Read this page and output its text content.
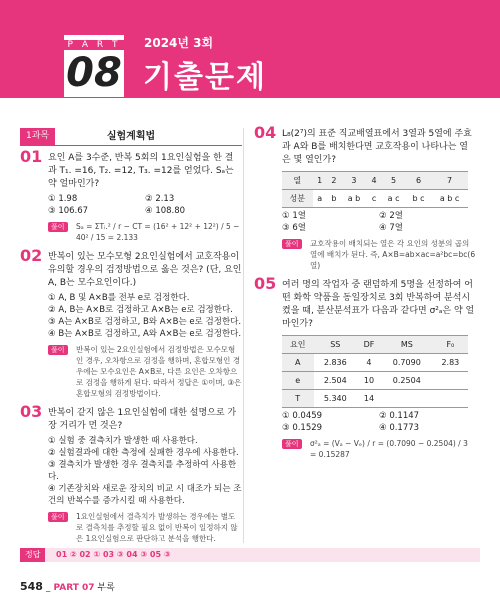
P A R T
08
2024년 3회
기출문제
1과목	실험계획법
01 요인 A를 3수준, 반복 5회의 1요인실험을 한 결과 T₁. =16, T₂. =12, T₃. =12를 얻었다. Sₐ는 약 얼마인가?
① 1.98	② 2.13
③ 106.67	④ 108.80
풀이	Sₐ = ΣTᵢ.² / r − CT = (16² + 12² + 12²) / 5 − 40² / 15 = 2.133
02 반복이 있는 모수모형 2요인실험에서 교호작용이 유의할 경우의 검정방법으로 옳은 것은? (단, 요인 A, B는 모수요인이다.)
① A, B 및 A×B를 전부 e로 검정한다.
② A, B는 A×B로 검정하고 A×B는 e로 검정한다.
③ A는 A×B로 검정하고, B와 A×B는 e로 검정한다.
④ B는 A×B로 검정하고, A와 A×B는 e로 검정한다.
풀이	반복이 있는 2요인실험에서 검정방법은 모수모형인 경우, 오차항으로 검정을 행하며, 혼합모형인 경우에는 모수요인은 A×B로, 다른 요인은 오차항으로 검정을 행하게 된다. 따라서 정답은 ①이며, ③은 혼합모형의 검정방법이다.
03 반복이 같지 않은 1요인실험에 대한 설명으로 가장 거리가 먼 것은?
① 실험 중 결측치가 발생한 때 사용한다.
② 실험결과에 대한 측정에 실패한 경우에 사용한다.
③ 결측치가 발생한 경우 결측치를 추정하여 사용한다.
④ 기존장치와 새로운 장치의 비교 시 대조가 되는 조건의 반복수를 증가시킬 때 사용한다.
풀이	1요인실험에서 결측치가 발생하는 경우에는 별도로 결측치를 추정할 필요 없이 반복이 일정하지 않은 1요인실험으로 판단하고 분석을 행한다.
04 L₈(2⁷)의 표준 직교배열표에서 3열과 5열에 주효과 A와 B를 배치한다면 교호작용이 나타나는 열은 몇 열인가?
열	1	2	3	4	5	6	7
성분	a	b	a b	c	a c	b c	a b c
① 1열	② 2열
③ 6열	④ 7열
풀이	교호작용이 배치되는 열은 각 요인의 성분의 곱의 열에 배치가 된다. 즉, A×B=ab×ac=a²bc=bc(6열)
05 여러 명의 작업자 중 랜덤하게 5명을 선정하여 어떤 화학 약품을 동일장치로 3회 반복하여 분석시켰을 때, 분산분석표가 다음과 같다면 σ²ₐ은 약 얼마인가?
요인	SS	DF	MS	F₀
A	2.836	4	0.7090	2.83
e	2.504	10	0.2504	
T	5.340	14		
① 0.0459	② 0.1147
③ 0.1529	④ 0.1773
풀이	σ²ₐ = (Vₐ − Vₑ) / r = (0.7090 − 0.2504) / 3 = 0.15287
정답	01 ② 02 ① 03 ③ 04 ③ 05 ③
548 _ PART 07 부록
